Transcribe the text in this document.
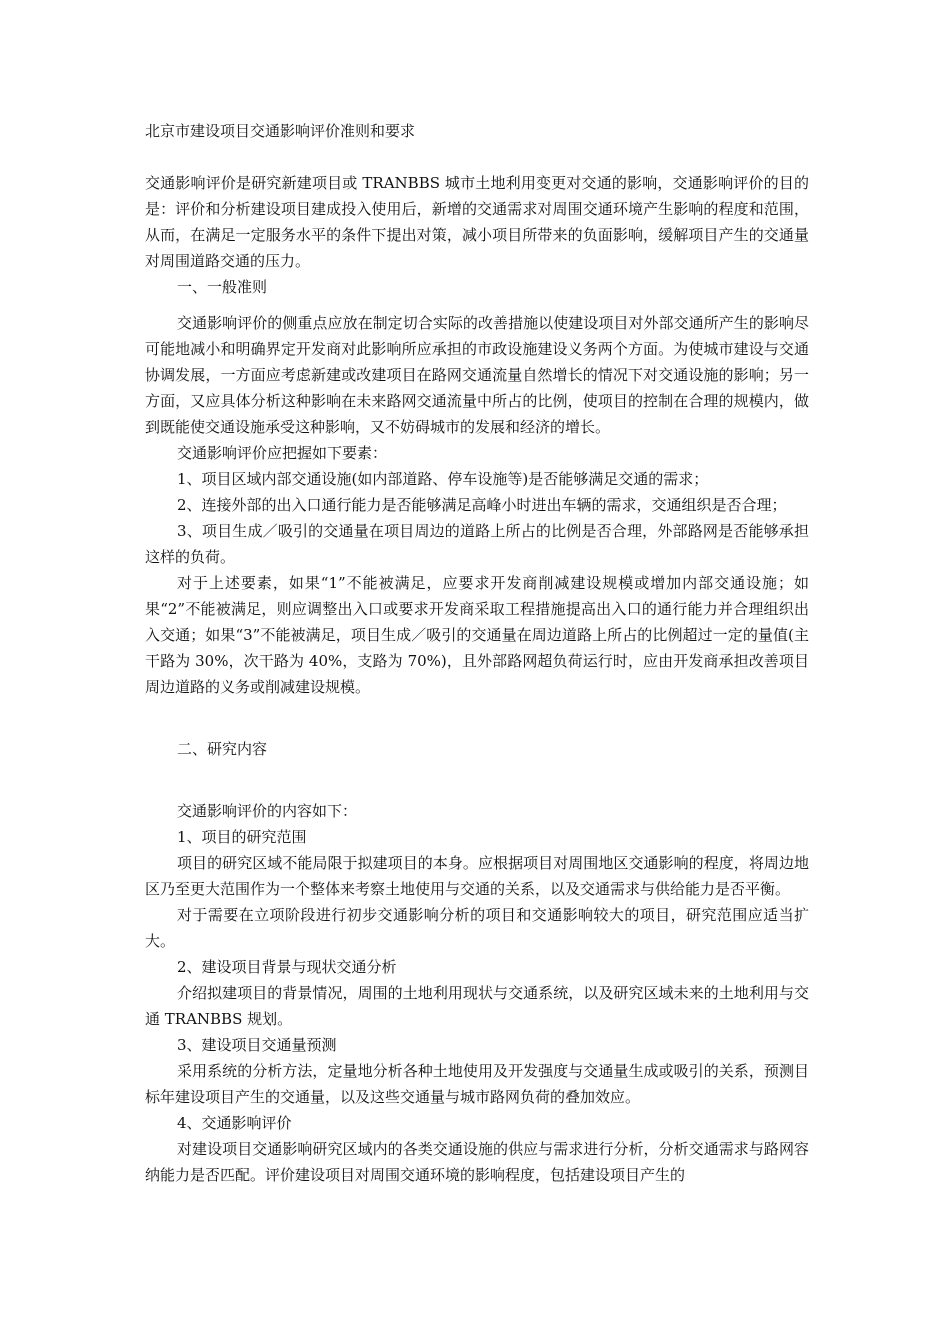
北京市建设项目交通影响评价准则和要求

交通影响评价是研究新建项目或 TRANBBS 城市土地利用变更对交通的影响，交通影响评价的目的是：评价和分析建设项目建成投入使用后，新增的交通需求对周围交通环境产生影响的程度和范围，从而，在满足一定服务水平的条件下提出对策，减小项目所带来的负面影响，缓解项目产生的交通量对周围道路交通的压力。

一、一般准则

交通影响评价的侧重点应放在制定切合实际的改善措施以使建设项目对外部交通所产生的影响尽可能地减小和明确界定开发商对此影响所应承担的市政设施建设义务两个方面。为使城市建设与交通协调发展，一方面应考虑新建或改建项目在路网交通流量自然增长的情况下对交通设施的影响；另一方面，又应具体分析这种影响在未来路网交通流量中所占的比例，使项目的控制在合理的规模内，做到既能使交通设施承受这种影响，又不妨碍城市的发展和经济的增长。

交通影响评价应把握如下要素：

1、项目区域内部交通设施(如内部道路、停车设施等)是否能够满足交通的需求；

2、连接外部的出入口通行能力是否能够满足高峰小时进出车辆的需求，交通组织是否合理；

3、项目生成／吸引的交通量在项目周边的道路上所占的比例是否合理，外部路网是否能够承担这样的负荷。

对于上述要素，如果“1”不能被满足，应要求开发商削减建设规模或增加内部交通设施；如果“2”不能被满足，则应调整出入口或要求开发商采取工程措施提高出入口的通行能力并合理组织出入交通；如果“3”不能被满足，项目生成／吸引的交通量在周边道路上所占的比例超过一定的量值(主干路为 30%，次干路为 40%，支路为 70%)，且外部路网超负荷运行时，应由开发商承担改善项目周边道路的义务或削减建设规模。

二、研究内容

交通影响评价的内容如下：

1、项目的研究范围

项目的研究区域不能局限于拟建项目的本身。应根据项目对周围地区交通影响的程度，将周边地区乃至更大范围作为一个整体来考察土地使用与交通的关系，以及交通需求与供给能力是否平衡。

对于需要在立项阶段进行初步交通影响分析的项目和交通影响较大的项目，研究范围应适当扩大。

2、建设项目背景与现状交通分析

介绍拟建项目的背景情况，周围的土地利用现状与交通系统，以及研究区域未来的土地利用与交通 TRANBBS 规划。

3、建设项目交通量预测

采用系统的分析方法，定量地分析各种土地使用及开发强度与交通量生成或吸引的关系，预测目标年建设项目产生的交通量，以及这些交通量与城市路网负荷的叠加效应。

4、交通影响评价

对建设项目交通影响研究区域内的各类交通设施的供应与需求进行分析，分析交通需求与路网容纳能力是否匹配。评价建设项目对周围交通环境的影响程度，包括建设项目产生的
